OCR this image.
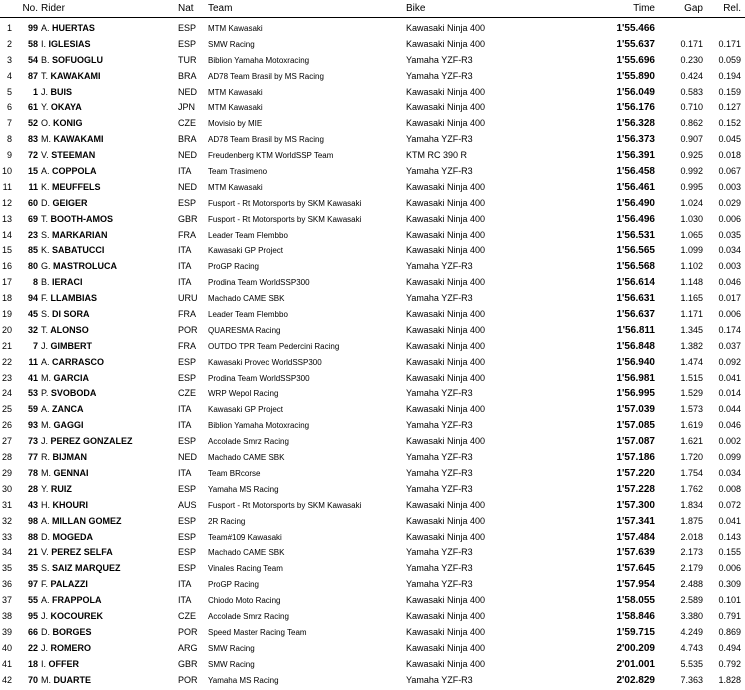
No. Rider	Nat Team	Bike	Time	Gap	Rel.
1	99 A. HUERTAS	ESP MTM Kawasaki	Kawasaki Ninja 400	1'55.466
2	58 I. IGLESIAS	ESP SMW Racing	Kawasaki Ninja 400	1'55.637	0.171	0.171
3	54 B. SOFUOGLU	TUR Biblion Yamaha Motoxracing	Yamaha YZF-R3	1'55.696	0.230	0.059
4	87 T. KAWAKAMI	BRA AD78 Team Brasil by MS Racing	Yamaha YZF-R3	1'55.890	0.424	0.194
5	1 J. BUIS	NED MTM Kawasaki	Kawasaki Ninja 400	1'56.049	0.583	0.159
6	61 Y. OKAYA	JPN MTM Kawasaki	Kawasaki Ninja 400	1'56.176	0.710	0.127
7	52 O. KONIG	CZE Movisio by MIE	Kawasaki Ninja 400	1'56.328	0.862	0.152
8	83 M. KAWAKAMI	BRA AD78 Team Brasil by MS Racing	Yamaha YZF-R3	1'56.373	0.907	0.045
9	72 V. STEEMAN	NED Freudenberg KTM WorldSSP Team	KTM RC 390 R	1'56.391	0.925	0.018
10	15 A. COPPOLA	ITA Team Trasimeno	Yamaha YZF-R3	1'56.458	0.992	0.067
11	11 K. MEUFFELS	NED MTM Kawasaki	Kawasaki Ninja 400	1'56.461	0.995	0.003
12	60 D. GEIGER	ESP Fusport - Rt Motorsports by SKM Kawasaki	Kawasaki Ninja 400	1'56.490	1.024	0.029
13	69 T. BOOTH-AMOS	GBR Fusport - Rt Motorsports by SKM Kawasaki	Kawasaki Ninja 400	1'56.496	1.030	0.006
14	23 S. MARKARIAN	FRA Leader Team Flembbo	Kawasaki Ninja 400	1'56.531	1.065	0.035
15	85 K. SABATUCCI	ITA Kawasaki GP Project	Kawasaki Ninja 400	1'56.565	1.099	0.034
16	80 G. MASTROLUCA	ITA ProGP Racing	Yamaha YZF-R3	1'56.568	1.102	0.003
17	8 B. IERACI	ITA Prodina Team WorldSSP300	Kawasaki Ninja 400	1'56.614	1.148	0.046
18	94 F. LLAMBIAS	URU Machado CAME SBK	Yamaha YZF-R3	1'56.631	1.165	0.017
19	45 S. DI SORA	FRA Leader Team Flembbo	Kawasaki Ninja 400	1'56.637	1.171	0.006
20	32 T. ALONSO	POR QUARESMA Racing	Kawasaki Ninja 400	1'56.811	1.345	0.174
21	7 J. GIMBERT	FRA OUTDO TPR Team Pedercini Racing	Kawasaki Ninja 400	1'56.848	1.382	0.037
22	11 A. CARRASCO	ESP Kawasaki Provec WorldSSP300	Kawasaki Ninja 400	1'56.940	1.474	0.092
23	41 M. GARCIA	ESP Prodina Team WorldSSP300	Kawasaki Ninja 400	1'56.981	1.515	0.041
24	53 P. SVOBODA	CZE WRP Wepol Racing	Yamaha YZF-R3	1'56.995	1.529	0.014
25	59 A. ZANCA	ITA Kawasaki GP Project	Kawasaki Ninja 400	1'57.039	1.573	0.044
26	93 M. GAGGI	ITA Biblion Yamaha Motoxracing	Yamaha YZF-R3	1'57.085	1.619	0.046
27	73 J. PEREZ GONZALEZ	ESP Accolade Smrz Racing	Kawasaki Ninja 400	1'57.087	1.621	0.002
28	77 R. BIJMAN	NED Machado CAME SBK	Yamaha YZF-R3	1'57.186	1.720	0.099
29	78 M. GENNAI	ITA Team BRcorse	Yamaha YZF-R3	1'57.220	1.754	0.034
30	28 Y. RUIZ	ESP Yamaha MS Racing	Yamaha YZF-R3	1'57.228	1.762	0.008
31	43 H. KHOURI	AUS Fusport - Rt Motorsports by SKM Kawasaki	Kawasaki Ninja 400	1'57.300	1.834	0.072
32	98 A. MILLAN GOMEZ	ESP 2R Racing	Kawasaki Ninja 400	1'57.341	1.875	0.041
33	88 D. MOGEDA	ESP Team#109 Kawasaki	Kawasaki Ninja 400	1'57.484	2.018	0.143
34	21 V. PEREZ SELFA	ESP Machado CAME SBK	Yamaha YZF-R3	1'57.639	2.173	0.155
35	35 S. SAIZ MARQUEZ	ESP Vinales Racing Team	Yamaha YZF-R3	1'57.645	2.179	0.006
36	97 F. PALAZZI	ITA ProGP Racing	Yamaha YZF-R3	1'57.954	2.488	0.309
37	55 A. FRAPPOLA	ITA Chiodo Moto Racing	Kawasaki Ninja 400	1'58.055	2.589	0.101
38	95 J. KOCOUREK	CZE Accolade Smrz Racing	Kawasaki Ninja 400	1'58.846	3.380	0.791
39	66 D. BORGES	POR Speed Master Racing Team	Kawasaki Ninja 400	1'59.715	4.249	0.869
40	22 J. ROMERO	ARG SMW Racing	Kawasaki Ninja 400	2'00.209	4.743	0.494
41	18 I. OFFER	GBR SMW Racing	Kawasaki Ninja 400	2'01.001	5.535	0.792
42	70 M. DUARTE	POR Yamaha MS Racing	Yamaha YZF-R3	2'02.829	7.363	1.828
